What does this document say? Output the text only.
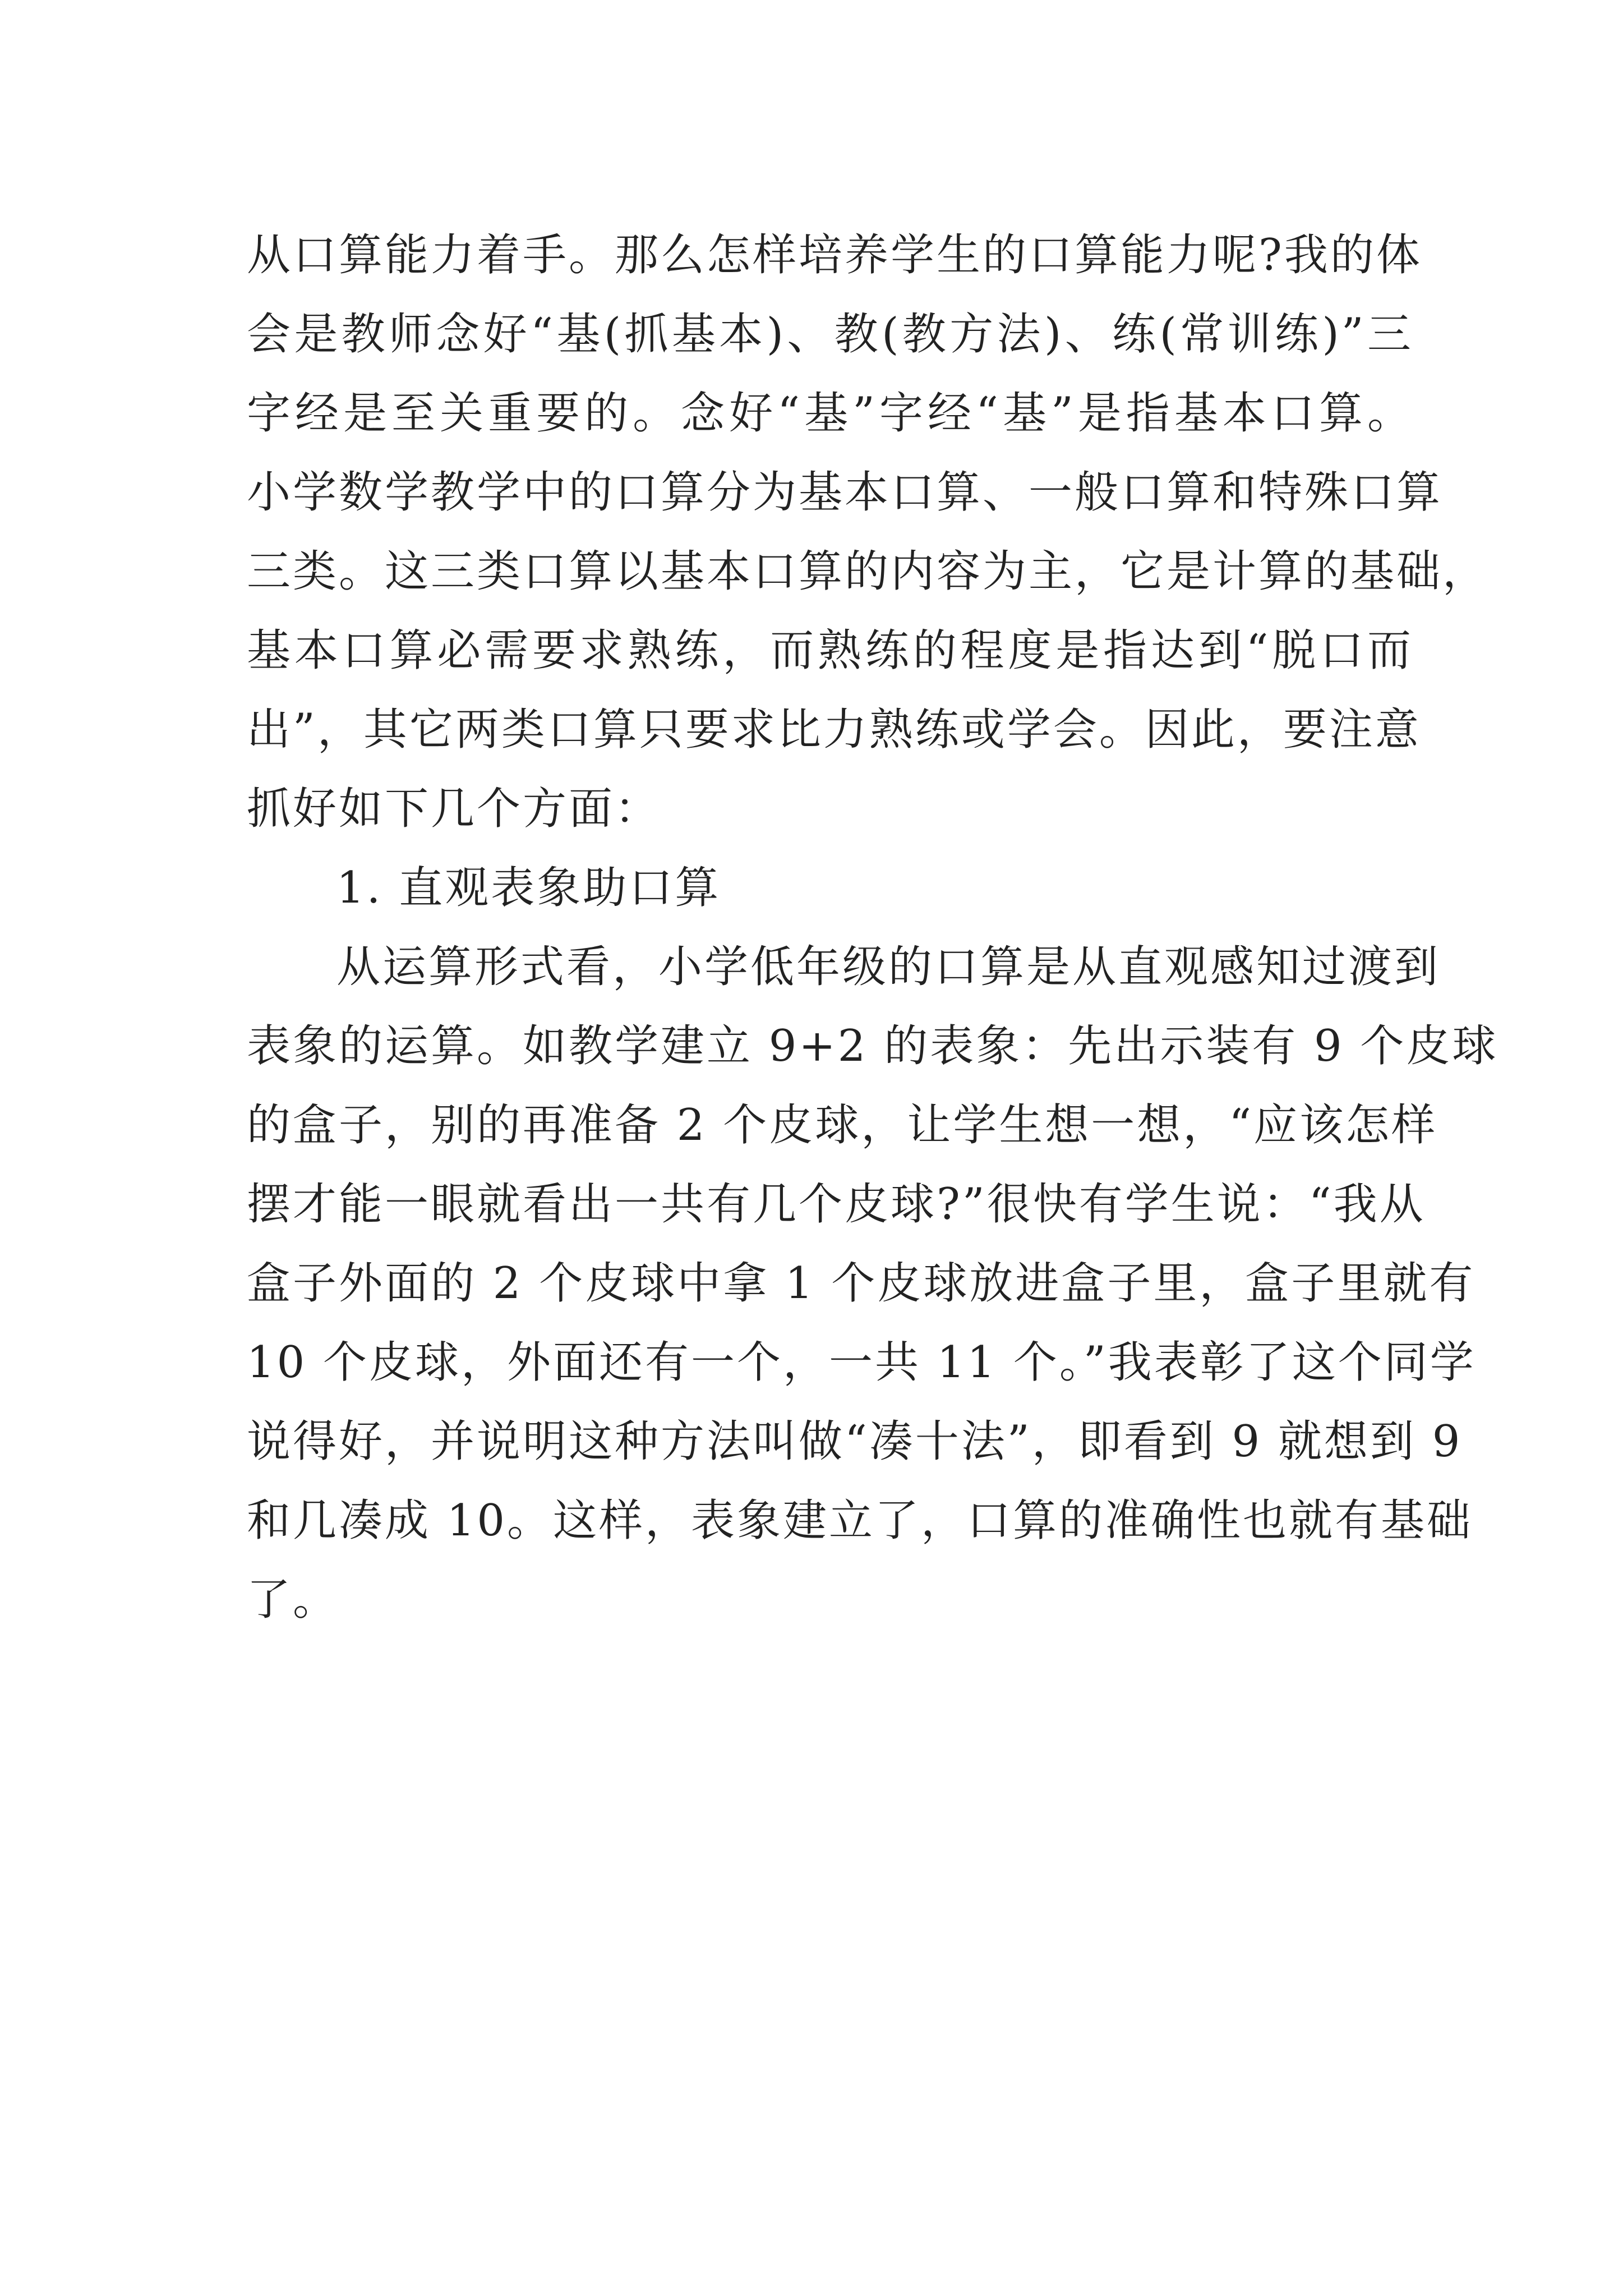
从口算能力着手。那么怎样培养学生的口算能力呢?我的体
会是教师念好“基(抓基本)、教(教方法)、练(常训练)”三
字经是至关重要的。念好“基”字经“基”是指基本口算。
小学数学教学中的口算分为基本口算、一般口算和特殊口算
三类。这三类口算以基本口算的内容为主，它是计算的基础，
基本口算必需要求熟练，而熟练的程度是指达到“脱口而
出”，其它两类口算只要求比力熟练或学会。因此，要注意
抓好如下几个方面：
1. 直观表象助口算
从运算形式看，小学低年级的口算是从直观感知过渡到
表象的运算。如教学建立 9+2 的表象：先出示装有 9 个皮球
的盒子，别的再准备 2 个皮球，让学生想一想，“应该怎样
摆才能一眼就看出一共有几个皮球?”很快有学生说：“我从
盒子外面的 2 个皮球中拿 1 个皮球放进盒子里，盒子里就有
10 个皮球，外面还有一个，一共 11 个。”我表彰了这个同学
说得好，并说明这种方法叫做“凑十法”，即看到 9 就想到 9
和几凑成 10。这样，表象建立了，口算的准确性也就有基础
了。
